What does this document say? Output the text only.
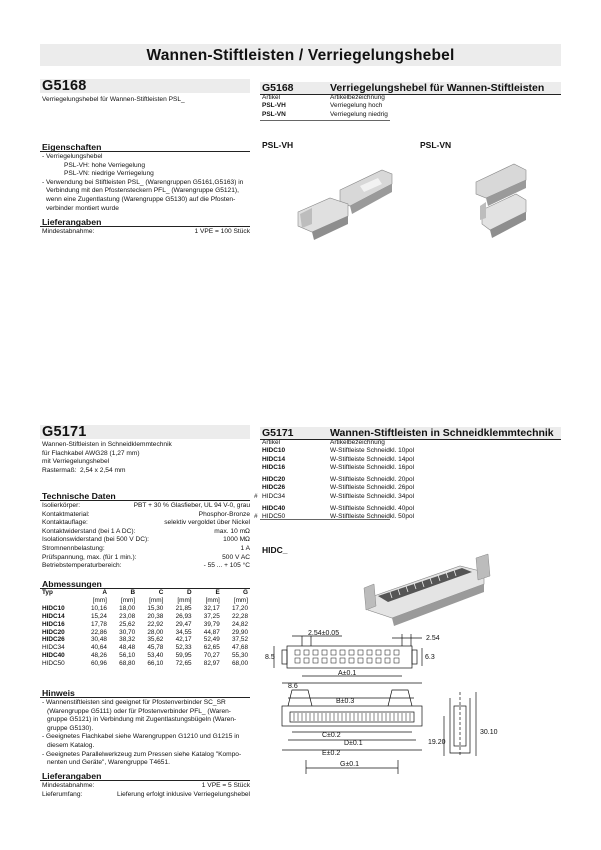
Wannen-Stiftleisten / Verriegelungshebel
G5168
Verriegelungshebel für Wannen-Stiftleisten PSL_
Eigenschaften
- Verriegelungshebel
PSL-VH: hohe Verriegelung
PSL-VN: niedrige Verriegelung
- Verwendung bei Stiftleisten PSL_ (Warengruppen G5161,G5163) in
Verbindung mit den Pfostensteckern PFL_ (Warengruppe G5121),
wenn eine Zugentlastung (Warengruppe G5130) auf die Pfosten-
verbinder montiert wurde
Lieferangaben
Mindestabnahme:	1 VPE = 100 Stück
G5168	Verriegelungshebel für Wannen-Stiftleisten
Artikel	Artikelbezeichnung
PSL-VH	Verriegelung hoch
PSL-VN	Verriegelung niedrig
PSL-VH	PSL-VN
G5171
Wannen-Stiftleisten in Schneidklemmtechnik
für Flachkabel AWG28 (1,27 mm)
mit Verriegelungshebel
Rastermaß: 2,54 x 2,54 mm
Technische Daten
Isolierkörper:	PBT + 30 % Glasfieber, UL 94 V-0, grau
Kontaktmaterial:	Phosphor-Bronze
Kontaktauflage:	selektiv vergoldet über Nickel
Kontaktwiderstand (bei 1 A DC):	max. 10 mΩ
Isolationswiderstand (bei 500 V DC):	1000 MΩ
Stromnennbelastung:	1 A
Prüfspannung, max. (für 1 min.):	500 V AC
Betriebstemperaturbereich:	- 55 ... + 105 °C
Abmessungen
Typ	A	B	C	D	E	G
	[mm]	[mm]	[mm]	[mm]	[mm]	[mm]
HIDC10	10,16	18,00	15,30	21,85	32,17	17,20
HIDC14	15,24	23,08	20,38	26,93	37,25	22,28
HIDC16	17,78	25,62	22,92	29,47	39,79	24,82
HIDC20	22,86	30,70	28,00	34,55	44,87	29,90
HIDC26	30,48	38,32	35,62	42,17	52,49	37,52
HIDC34	40,64	48,48	45,78	52,33	62,65	47,68
HIDC40	48,26	56,10	53,40	59,95	70,27	55,30
HIDC50	60,96	68,80	66,10	72,65	82,97	68,00
Hinweis
- Wannenstiftleisten sind geeignet für Pfostenverbinder SC_SR
(Warengruppe G5111) oder für Pfostenverbinder PFL_ (Waren-
gruppe G5121) in Verbindung mit Zugentlastungsbügeln (Waren-
gruppe G5130).
- Geeignetes Flachkabel siehe Warengruppen G1210 und G1215 in
diesem Katalog.
- Geeignetes Parallelwerkzeug zum Pressen siehe Katalog "Kompo-
nenten und Geräte", Warengruppe T4651.
Lieferangaben
Mindestabnahme:	1 VPE = 5 Stück
Lieferumfang:	Lieferung erfolgt inklusive Verriegelungshebel
G5171	Wannen-Stiftleisten in Schneidklemmtechnik
Artikel	Artikelbezeichnung
HIDC10	W-Stiftleiste Schneidkl. 10pol
HIDC14	W-Stiftleiste Schneidkl. 14pol
HIDC16	W-Stiftleiste Schneidkl. 16pol
HIDC20	W-Stiftleiste Schneidkl. 20pol
HIDC26	W-Stiftleiste Schneidkl. 26pol
# HIDC34	W-Stiftleiste Schneidkl. 34pol
HIDC40	W-Stiftleiste Schneidkl. 40pol
# HIDC50	W-Stiftleiste Schneidkl. 50pol
HIDC_
2.54±0.05
2.54
8.5	6.3
A±0.1
8.6
B±0.3
C±0.2
D±0.1
E±0.2
G±0.1
19.20
30.10
